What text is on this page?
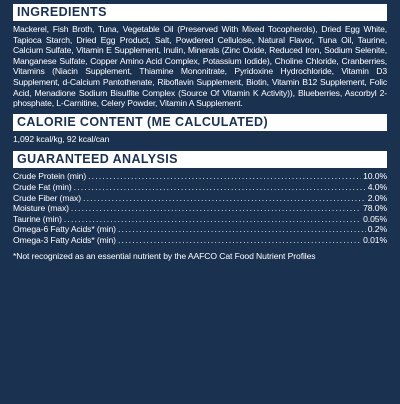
INGREDIENTS
Mackerel, Fish Broth, Tuna, Vegetable Oil (Preserved With Mixed Tocopherols), Dried Egg White, Tapioca Starch, Dried Egg Product, Salt, Powdered Cellulose, Natural Flavor, Tuna Oil, Taurine, Calcium Sulfate, Vitamin E Supplement, Inulin, Minerals (Zinc Oxide, Reduced Iron, Sodium Selenite, Manganese Sulfate, Copper Amino Acid Complex, Potassium Iodide), Choline Chloride, Cranberries, Vitamins (Niacin Supplement, Thiamine Mononitrate, Pyridoxine Hydrochloride, Vitamin D3 Supplement, d-Calcium Pantothenate, Riboflavin Supplement, Biotin, Vitamin B12 Supplement, Folic Acid, Menadione Sodium Bisulfite Complex (Source Of Vitamin K Activity)), Blueberries, Ascorbyl 2-phosphate, L-Carnitine, Celery Powder, Vitamin A Supplement.
CALORIE CONTENT (ME CALCULATED)
1,092 kcal/kg, 92 kcal/can
GUARANTEED ANALYSIS
Crude Protein (min) . . .	10.0%
Crude Fat (min) . . .	4.0%
Crude Fiber (max) . . .	2.0%
Moisture (max) . . .	78.0%
Taurine (min) . . .	0.05%
Omega-6 Fatty Acids* (min) . . .	0.2%
Omega-3 Fatty Acids* (min) . . .	0.01%
*Not recognized as an essential nutrient by the AAFCO Cat Food Nutrient Profiles
